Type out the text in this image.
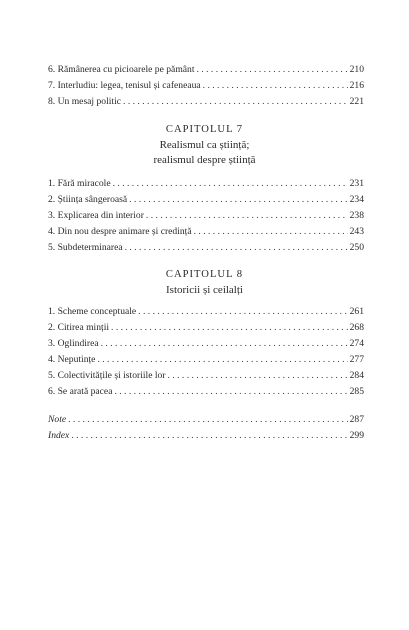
6. Rămânerea cu picioarele pe pământ . . .	210
7. Interludiu: legea, tenisul și cafeneaua . . .	216
8. Un mesaj politic . . .	221
CAPITOLUL 7
Realismul ca știință;
realismul despre știință
1. Fără miracole . . .	231
2. Știința sângeroasă . . .	234
3. Explicarea din interior . . .	238
4. Din nou despre animare și credință . . .	243
5. Subdeterminarea . . .	250
CAPITOLUL 8
Istoricii și ceilalți
1. Scheme conceptuale . . .	261
2. Citirea minții . . .	268
3. Oglindirea . . .	274
4. Neputințe . . .	277
5. Colectivitățile și istoriile lor . . .	284
6. Se arată pacea . . .	285
Note . . .	287
Index . . .	299
